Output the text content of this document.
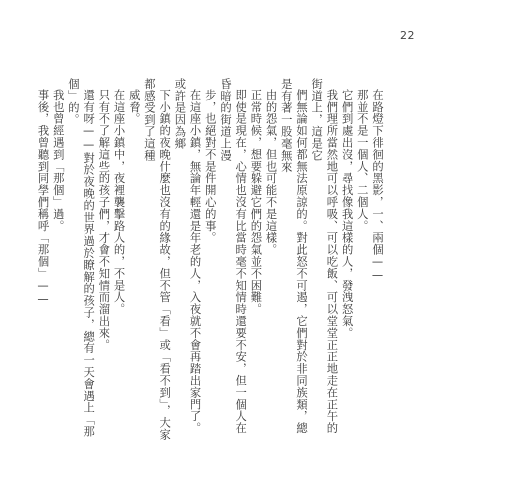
22

在路燈下徘徊的黑影，一、兩個——
那並不是一個人、二個人。

它們到處出沒，尋找像我這樣的人，發洩怒氣。

我們理所當然地可以呼吸、可以吃飯、可以堂堂正正地走在正午的街道上，這是它
們無論如何都無法原諒的。對此怒不可遏，它們對於非同族類，總是有著一股毫無來
由的怨氣，但也可能不是這樣。

正常時候，想要躲避它們的怨氣並不困難。

即使是現在，心情也沒有比當時毫不知情時還要不安，但一個人在昏暗的街道上漫
步，也絕對不是件開心的事。

在這座小鎮，無論年輕還是年老的人，入夜就不會再踏出家門了。或許是因為鄉
下小鎮的夜晚什麼也沒有的緣故，但不管「看」或「看不到」，大家都感受到了這種
威脅。

在這座小鎮中，夜裡襲擊路人的，不是人。

只有不了解這些的孩子們，才會不知情而溜出來。

還有呀——對於夜晚的世界過於瞭解的孩子，總有一天會遇上「那個」的。

我也曾經遇到「那個」過。

事後，我曾聽到同學們稱呼「那個」——
